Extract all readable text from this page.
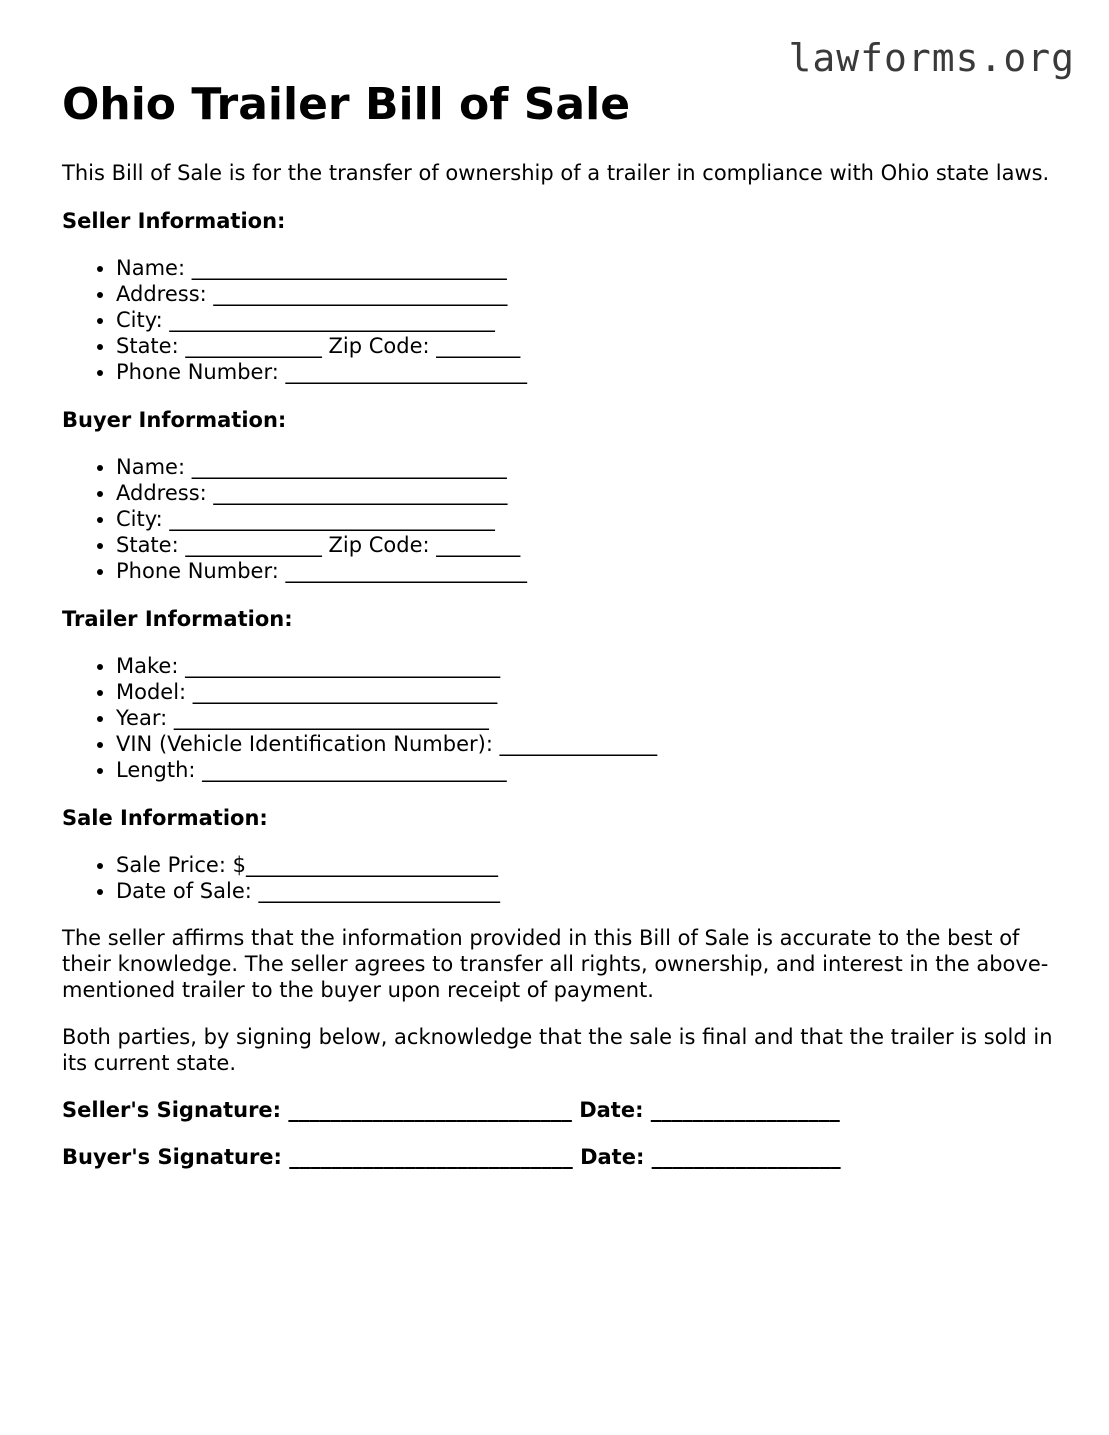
lawforms.org
Ohio Trailer Bill of Sale

This Bill of Sale is for the transfer of ownership of a trailer in compliance with Ohio state laws.

Seller Information:
• Name: ______________________________
• Address: ____________________________
• City: _______________________________
• State: _____________ Zip Code: ________
• Phone Number: _______________________
Buyer Information:
• Name: ______________________________
• Address: ____________________________
• City: _______________________________
• State: _____________ Zip Code: ________
• Phone Number: _______________________
Trailer Information:
• Make: ______________________________
• Model: _____________________________
• Year: ______________________________
• VIN (Vehicle Identification Number): _______________
• Length: _____________________________
Sale Information:
• Sale Price: $________________________
• Date of Sale: _______________________

The seller affirms that the information provided in this Bill of Sale is accurate to the best of their knowledge. The seller agrees to transfer all rights, ownership, and interest in the above-mentioned trailer to the buyer upon receipt of payment.

Both parties, by signing below, acknowledge that the sale is final and that the trailer is sold in its current state.

Seller's Signature: ___________________________ Date: __________________

Buyer's Signature: ___________________________ Date: __________________
